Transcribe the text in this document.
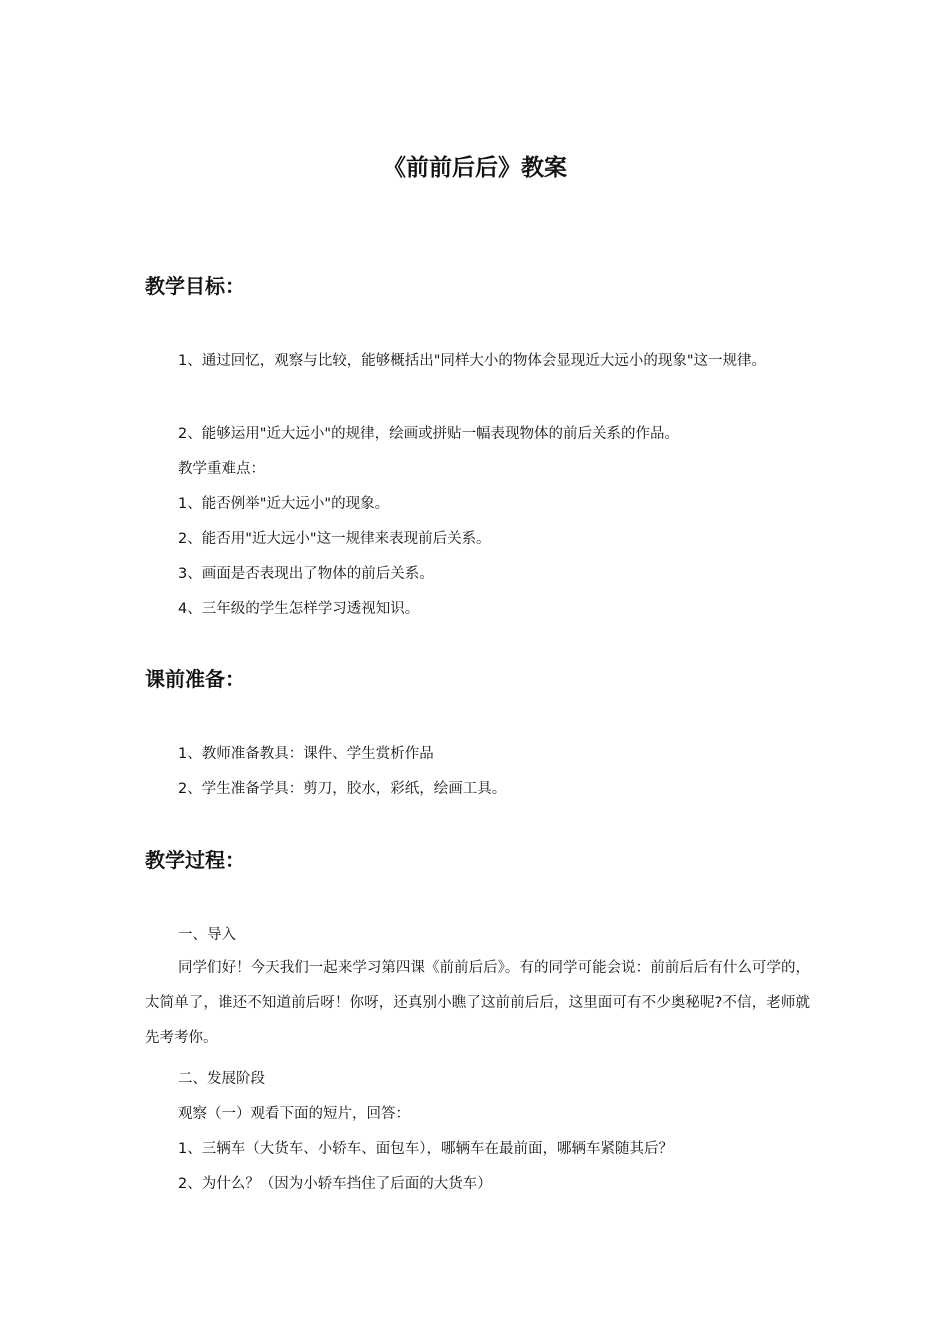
《前前后后》教案
教学目标：
1、通过回忆，观察与比较，能够概括出"同样大小的物体会显现近大远小的现象"这一规律。
2、能够运用"近大远小"的规律，绘画或拼贴一幅表现物体的前后关系的作品。
教学重难点：
1、能否例举"近大远小"的现象。
2、能否用"近大远小"这一规律来表现前后关系。
3、画面是否表现出了物体的前后关系。
4、三年级的学生怎样学习透视知识。
课前准备：
1、教师准备教具：课件、学生赏析作品
2、学生准备学具：剪刀，胶水，彩纸，绘画工具。
教学过程：
一、导入
同学们好！今天我们一起来学习第四课《前前后后》。有的同学可能会说：前前后后有什么可学的，太简单了，谁还不知道前后呀！你呀，还真别小瞧了这前前后后，这里面可有不少奥秘呢?不信，老师就先考考你。
二、发展阶段
观察（一）观看下面的短片，回答：
1、三辆车（大货车、小轿车、面包车），哪辆车在最前面，哪辆车紧随其后？
2、为什么？（因为小轿车挡住了后面的大货车）
